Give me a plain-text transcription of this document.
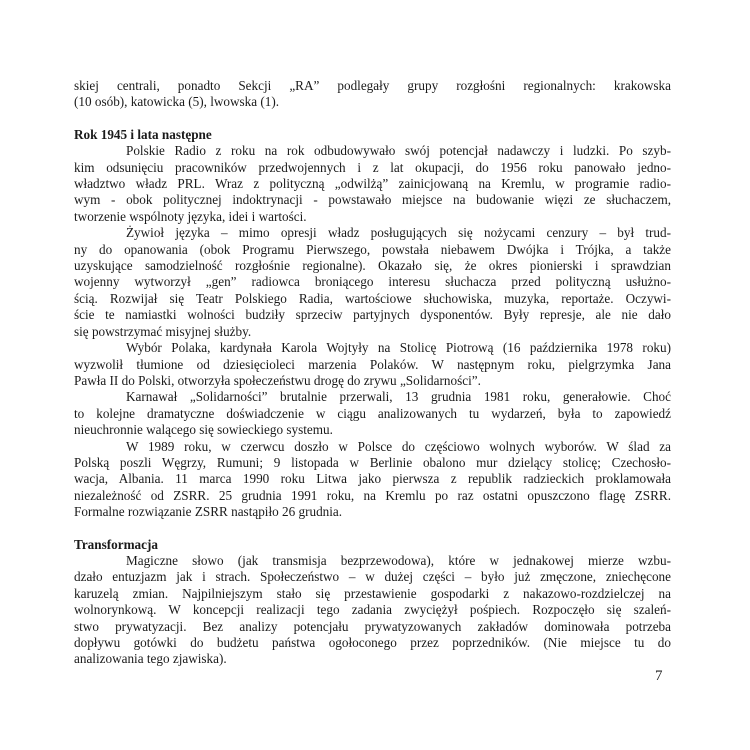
skiej centrali, ponadto Sekcji „RA” podlegały grupy rozgłośni regionalnych: krakowska
(10 osób), katowicka (5), lwowska (1).

Rok 1945 i lata następne

Polskie Radio z roku na rok odbudowywało swój potencjał nadawczy i ludzki. Po szyb-
kim odsunięciu pracowników przedwojennych i z lat okupacji, do 1956 roku panowało jedno-
władztwo władz PRL. Wraz z polityczną „odwilżą” zainicjowaną na Kremlu, w programie radio-
wym - obok politycznej indoktrynacji - powstawało miejsce na budowanie więzi ze słuchaczem,
tworzenie wspólnoty języka, idei i wartości.

Żywioł języka – mimo opresji władz posługujących się nożycami cenzury – był trud-
ny do opanowania (obok Programu Pierwszego, powstała niebawem Dwójka i Trójka, a także
uzyskujące samodzielność rozgłośnie regionalne). Okazało się, że okres pionierski i sprawdzian
wojenny wytworzył „gen” radiowca broniącego interesu słuchacza przed polityczną usłużno-
ścią. Rozwijał się Teatr Polskiego Radia, wartościowe słuchowiska, muzyka, reportaże. Oczywi-
ście te namiastki wolności budziły sprzeciw partyjnych dysponentów. Były represje, ale nie dało
się powstrzymać misyjnej służby.

Wybór Polaka, kardynała Karola Wojtyły na Stolicę Piotrową (16 października 1978 roku)
wyzwolił tłumione od dziesięcioleci marzenia Polaków. W następnym roku, pielgrzymka Jana
Pawła II do Polski, otworzyła społeczeństwu drogę do zrywu „Solidarności”.

Karnawał „Solidarności” brutalnie przerwali, 13 grudnia 1981 roku, generałowie. Choć
to kolejne dramatyczne doświadczenie w ciągu analizowanych tu wydarzeń, była to zapowiedź
nieuchronnie walącego się sowieckiego systemu.

W 1989 roku, w czerwcu doszło w Polsce do częściowo wolnych wyborów. W ślad za
Polską poszli Węgrzy, Rumuni; 9 listopada w Berlinie obalono mur dzielący stolicę; Czechosło-
wacja, Albania. 11 marca 1990 roku Litwa jako pierwsza z republik radzieckich proklamowała
niezależność od ZSRR. 25 grudnia 1991 roku, na Kremlu po raz ostatni opuszczono flagę ZSRR.
Formalne rozwiązanie ZSRR nastąpiło 26 grudnia.

Transformacja

Magiczne słowo (jak transmisja bezprzewodowa), które w jednakowej mierze wzbu-
dzało entuzjazm jak i strach. Społeczeństwo – w dużej części – było już zmęczone, zniechęcone
karuzelą zmian. Najpilniejszym stało się przestawienie gospodarki z nakazowo-rozdzielczej na
wolnorynkową. W koncepcji realizacji tego zadania zwyciężył pośpiech. Rozpoczęło się szaleń-
stwo prywatyzacji. Bez analizy potencjału prywatyzowanych zakładów dominowała potrzeba
dopływu gotówki do budżetu państwa ogołoconego przez poprzedników. (Nie miejsce tu do
analizowania tego zjawiska).

7
